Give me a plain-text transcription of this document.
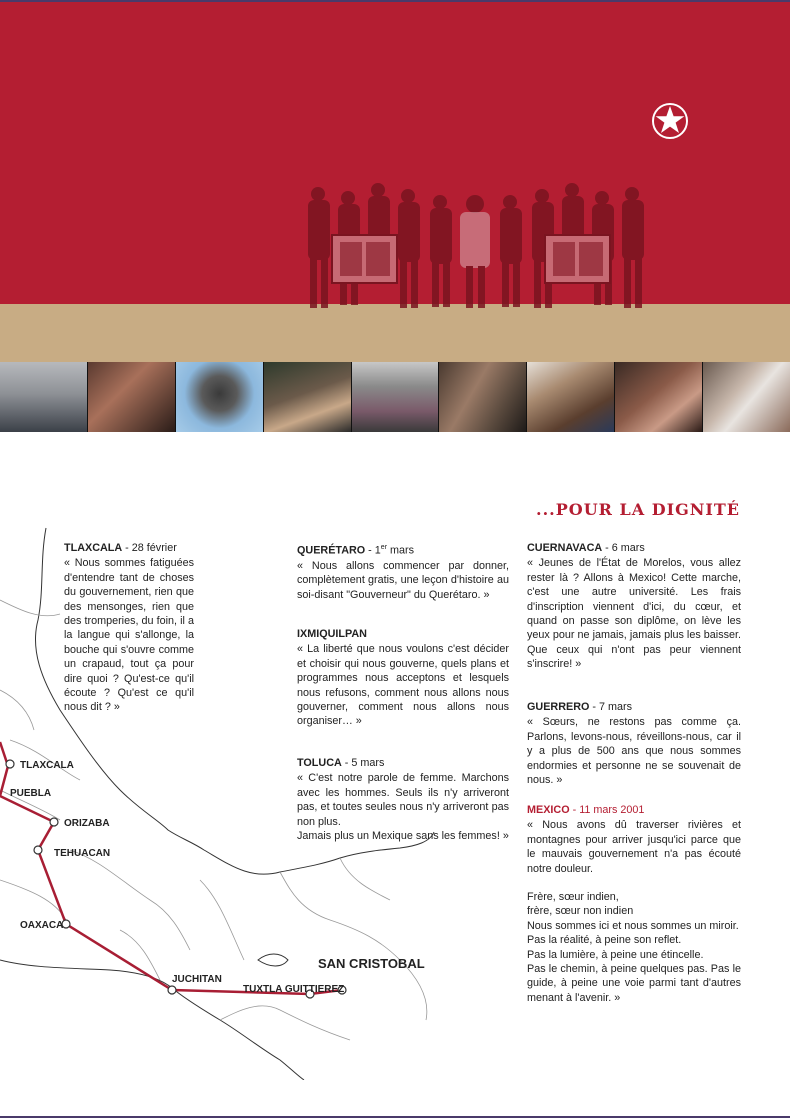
...POUR LA DIGNITÉ
TLAXCALA
PUEBLA
ORIZABA
TEHUACAN
OAXACA
JUCHITAN
TUXTLA GUITTIEREZ
SAN CRISTOBAL
TLAXCALA - 28 février

« Nous sommes fatiguées d'entendre tant de choses du gouvernement, rien que des mensonges, rien que des tromperies, du foin, il a la langue qui s'allonge, la bouche qui s'ouvre comme un crapaud, tout ça pour dire quoi ? Qu'est-ce qu'il écoute ? Qu'est ce qu'il nous dit ? »

QUERÉTARO - 1er mars

« Nous allons commencer par donner, complètement gratis, une leçon d'histoire au soi-disant "Gouverneur" du Querétaro. »

IXMIQUILPAN

« La liberté que nous voulons c'est décider et choisir qui nous gouverne, quels plans et programmes nous acceptons et lesquels nous refusons, comment nous allons nous gouverner, comment nous allons nous organiser… »

TOLUCA - 5 mars

« C'est notre parole de femme. Marchons avec les hommes. Seuls ils n'y arriveront pas, et toutes seules nous n'y arriveront pas non plus.

Jamais plus un Mexique sans les femmes! »

CUERNAVACA - 6 mars

« Jeunes de l'État de Morelos, vous allez rester là ? Allons à Mexico! Cette marche, c'est une autre université. Les frais d'inscription viennent d'ici, du cœur, et quand on passe son diplôme, on lève les yeux pour ne jamais, jamais plus les baisser. Que ceux qui n'ont pas peur viennent s'inscrire! »

GUERRERO - 7 mars

« Sœurs, ne restons pas comme ça. Parlons, levons-nous, réveillons-nous, car il y a plus de 500 ans que nous sommes endormies et personne ne se souvenait de nous. »

MEXICO - 11 mars 2001

« Nous avons dû traverser rivières et montagnes pour arriver jusqu'ici parce que le mauvais gouvernement n'a pas écouté notre douleur.

Frère, sœur indien,

frère, sœur non indien

Nous sommes ici et nous sommes un miroir.

Pas la réalité, à peine son reflet.

Pas la lumière, à peine une étincelle.

Pas le chemin, à peine quelques pas. Pas le guide, à peine une voie parmi tant d'autres menant à l'avenir. »
